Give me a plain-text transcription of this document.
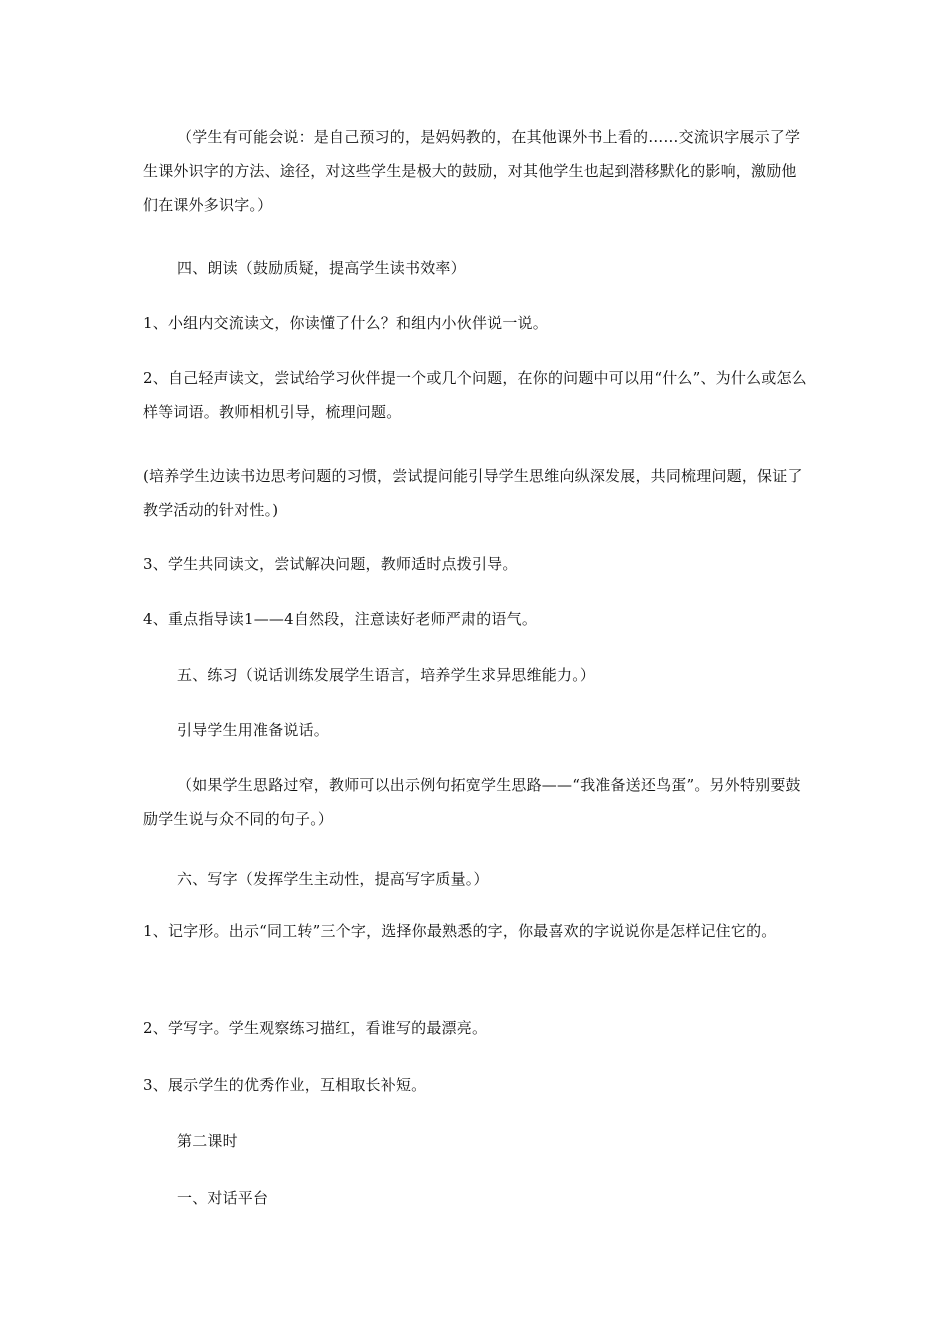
（学生有可能会说：是自己预习的，是妈妈教的，在其他课外书上看的……交流识字展示了学生课外识字的方法、途径，对这些学生是极大的鼓励，对其他学生也起到潜移默化的影响，激励他们在课外多识字。）

四、朗读（鼓励质疑，提高学生读书效率）

1、小组内交流读文，你读懂了什么？和组内小伙伴说一说。

2、自己轻声读文，尝试给学习伙伴提一个或几个问题，在你的问题中可以用“什么”、为什么或怎么样等词语。教师相机引导，梳理问题。

(培养学生边读书边思考问题的习惯，尝试提问能引导学生思维向纵深发展，共同梳理问题，保证了教学活动的针对性。)

3、学生共同读文，尝试解决问题，教师适时点拨引导。

4、重点指导读1——4自然段，注意读好老师严肃的语气。

五、练习（说话训练发展学生语言，培养学生求异思维能力。）

引导学生用准备说话。

（如果学生思路过窄，教师可以出示例句拓宽学生思路——“我准备送还鸟蛋”。另外特别要鼓励学生说与众不同的句子。）

六、写字（发挥学生主动性，提高写字质量。）

1、记字形。出示“同工转”三个字，选择你最熟悉的字，你最喜欢的字说说你是怎样记住它的。

2、学写字。学生观察练习描红，看谁写的最漂亮。

3、展示学生的优秀作业，互相取长补短。

第二课时

一、对话平台
